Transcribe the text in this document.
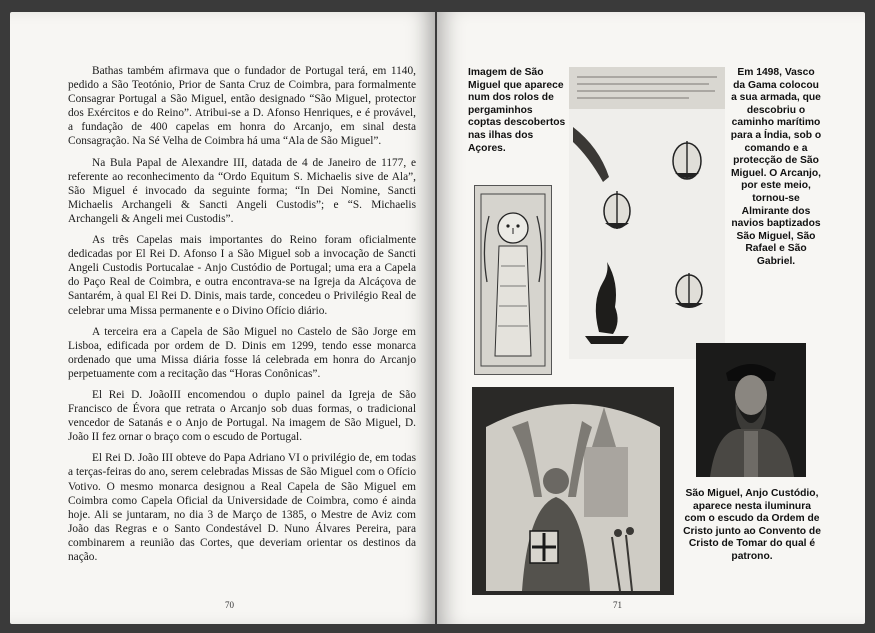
Bathas também afirmava que o fundador de Portugal terá, em 1140, pedido a São Teotónio, Prior de Santa Cruz de Coimbra, para formalmente Consagrar Portugal a São Miguel, então designado “São Miguel, protector dos Exércitos e do Reino”. Atribui-se a D. Afonso Henriques, e é provável, a fundação de 400 capelas em honra do Arcanjo, em sinal desta Consagração. Na Sé Velha de Coimbra há uma “Ala de São Miguel”.

Na Bula Papal de Alexandre III, datada de 4 de Janeiro de 1177, e referente ao reconhecimento da “Ordo Equitum S. Michaelis sive de Ala”, São Miguel é invocado da seguinte forma; “In Dei Nomine, Sancti Michaelis Archangeli & Sancti Angeli Custodis”; e “S. Michaelis Archangeli & Angeli mei Custodis”.

As três Capelas mais importantes do Reino foram oficialmente dedicadas por El Rei D. Afonso I a São Miguel sob a invocação de Sancti Angeli Custodis Portucalae - Anjo Custódio de Portugal; uma era a Capela do Paço Real de Coimbra, e outra encontrava-se na Igreja da Alcáçova de Santarém, à qual El Rei D. Dinis, mais tarde, concedeu o Privilégio Real de celebrar uma Missa permanente e o Divino Ofício diário.

A terceira era a Capela de São Miguel no Castelo de São Jorge em Lisboa, edificada por ordem de D. Dinis em 1299, tendo esse monarca ordenado que uma Missa diária fosse lá celebrada em honra do Arcanjo perpetuamente com a recitação das “Horas Conônicas”.

El Rei D. JoãoIII encomendou o duplo painel da Igreja de São Francisco de Évora que retrata o Arcanjo sob duas formas, o tradicional vencedor de Satanás e o Anjo de Portugal. Na imagem de São Miguel, D. João II fez ornar o braço com o escudo de Portugal.

El Rei D. João III obteve do Papa Adriano VI o privilégio de, em todas a terças-feiras do ano, serem celebradas Missas de São Miguel com o Ofício Votivo. O mesmo monarca designou a Real Capela de São Miguel em Coimbra como Capela Oficial da Universidade de Coimbra, como é ainda hoje. Ali se juntaram, no dia 3 de Março de 1385, o Mestre de Aviz com João das Regras e o Santo Condestável D. Nuno Álvares Pereira, para combinarem a reunião das Cortes, que deveriam orientar os destinos da nação.

70
Imagem de São Miguel que aparece num dos rolos de pergaminhos coptas descobertos nas ilhas dos Açores.
Em 1498, Vasco da Gama colocou a sua armada, que descobriu o caminho marítimo para a Índia, sob o comando e a protecção de São Miguel. O Arcanjo, por este meio, tornou-se Almirante dos navios baptizados São Miguel, São Rafael e São Gabriel.
São Miguel, Anjo Custódio, aparece nesta iluminura com o escudo da Ordem de Cristo junto ao Convento de Cristo de Tomar do qual é patrono.
71
